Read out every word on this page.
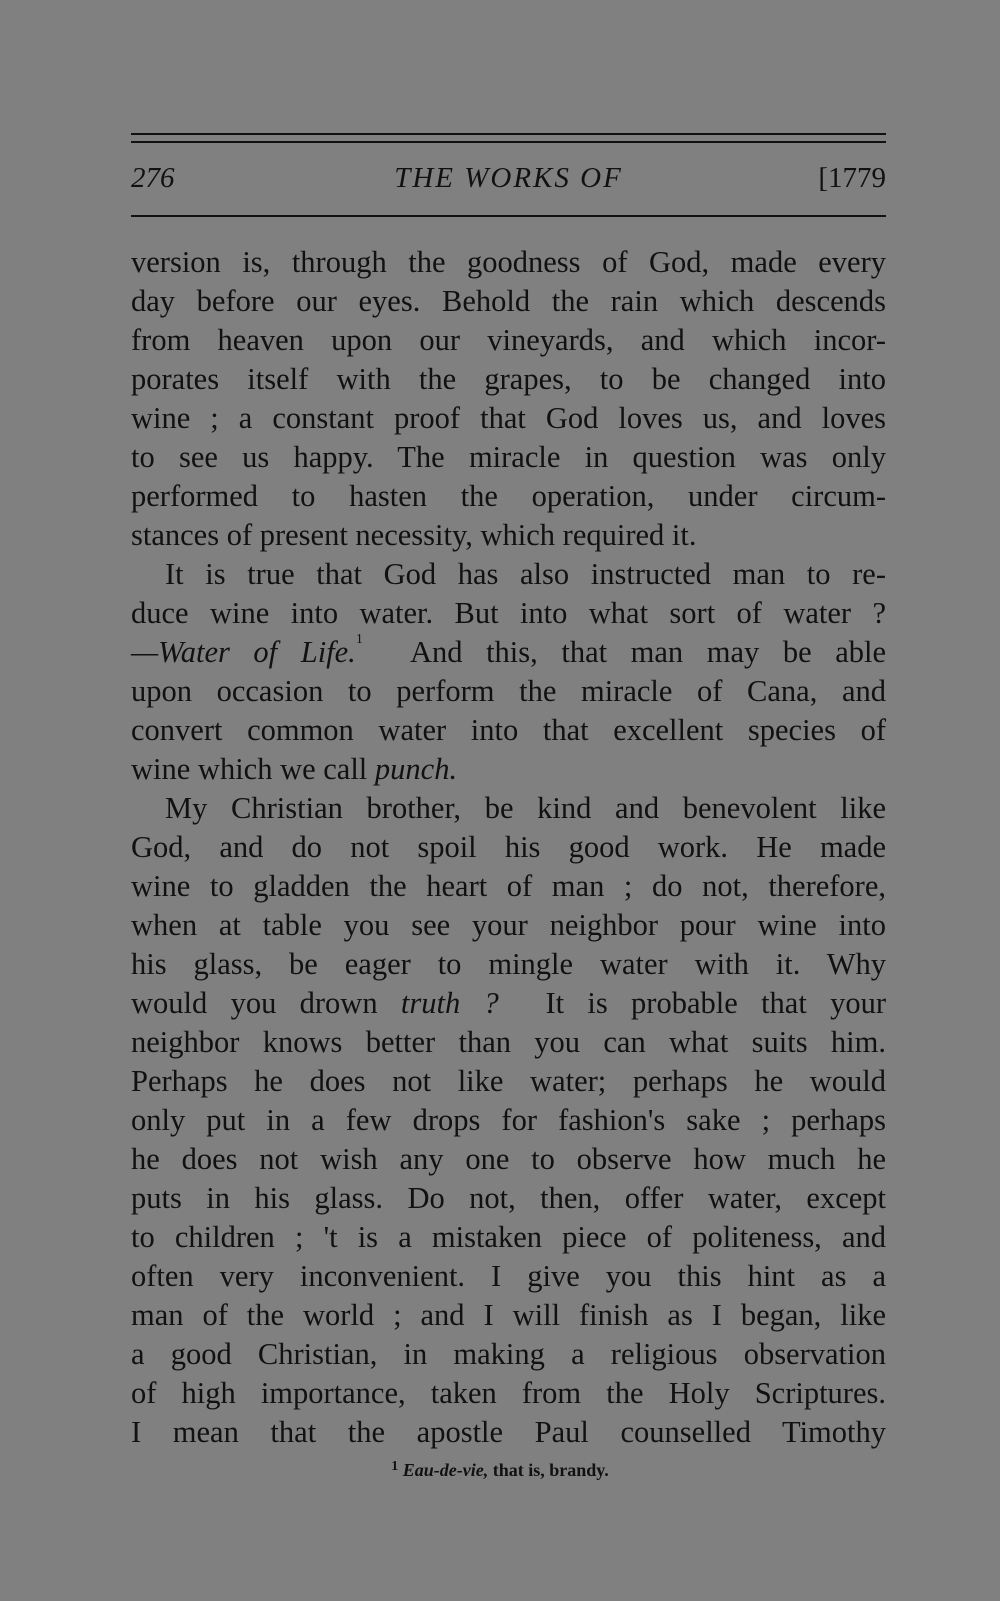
276	THE WORKS OF	[1779
version is, through the goodness of God, made every
day before our eyes. Behold the rain which descends
from heaven upon our vineyards, and which incor-
porates itself with the grapes, to be changed into
wine ; a constant proof that God loves us, and loves
to see us happy. The miracle in question was only
performed to hasten the operation, under circum-
stances of present necessity, which required it.
It is true that God has also instructed man to re-
duce wine into water. But into what sort of water ?
—Water of Life.$^1$ And this, that man may be able
upon occasion to perform the miracle of Cana, and
convert common water into that excellent species of
wine which we call punch.
My Christian brother, be kind and benevolent like
God, and do not spoil his good work. He made
wine to gladden the heart of man ; do not, therefore,
when at table you see your neighbor pour wine into
his glass, be eager to mingle water with it. Why
would you drown truth ? It is probable that your
neighbor knows better than you can what suits him.
Perhaps he does not like water; perhaps he would
only put in a few drops for fashion's sake ; perhaps
he does not wish any one to observe how much he
puts in his glass. Do not, then, offer water, except
to children ; 't is a mistaken piece of politeness, and
often very inconvenient. I give you this hint as a
man of the world ; and I will finish as I began, like
a good Christian, in making a religious observation
of high importance, taken from the Holy Scriptures.
I mean that the apostle Paul counselled Timothy
$^1$ Eau-de-vie, that is, brandy.
